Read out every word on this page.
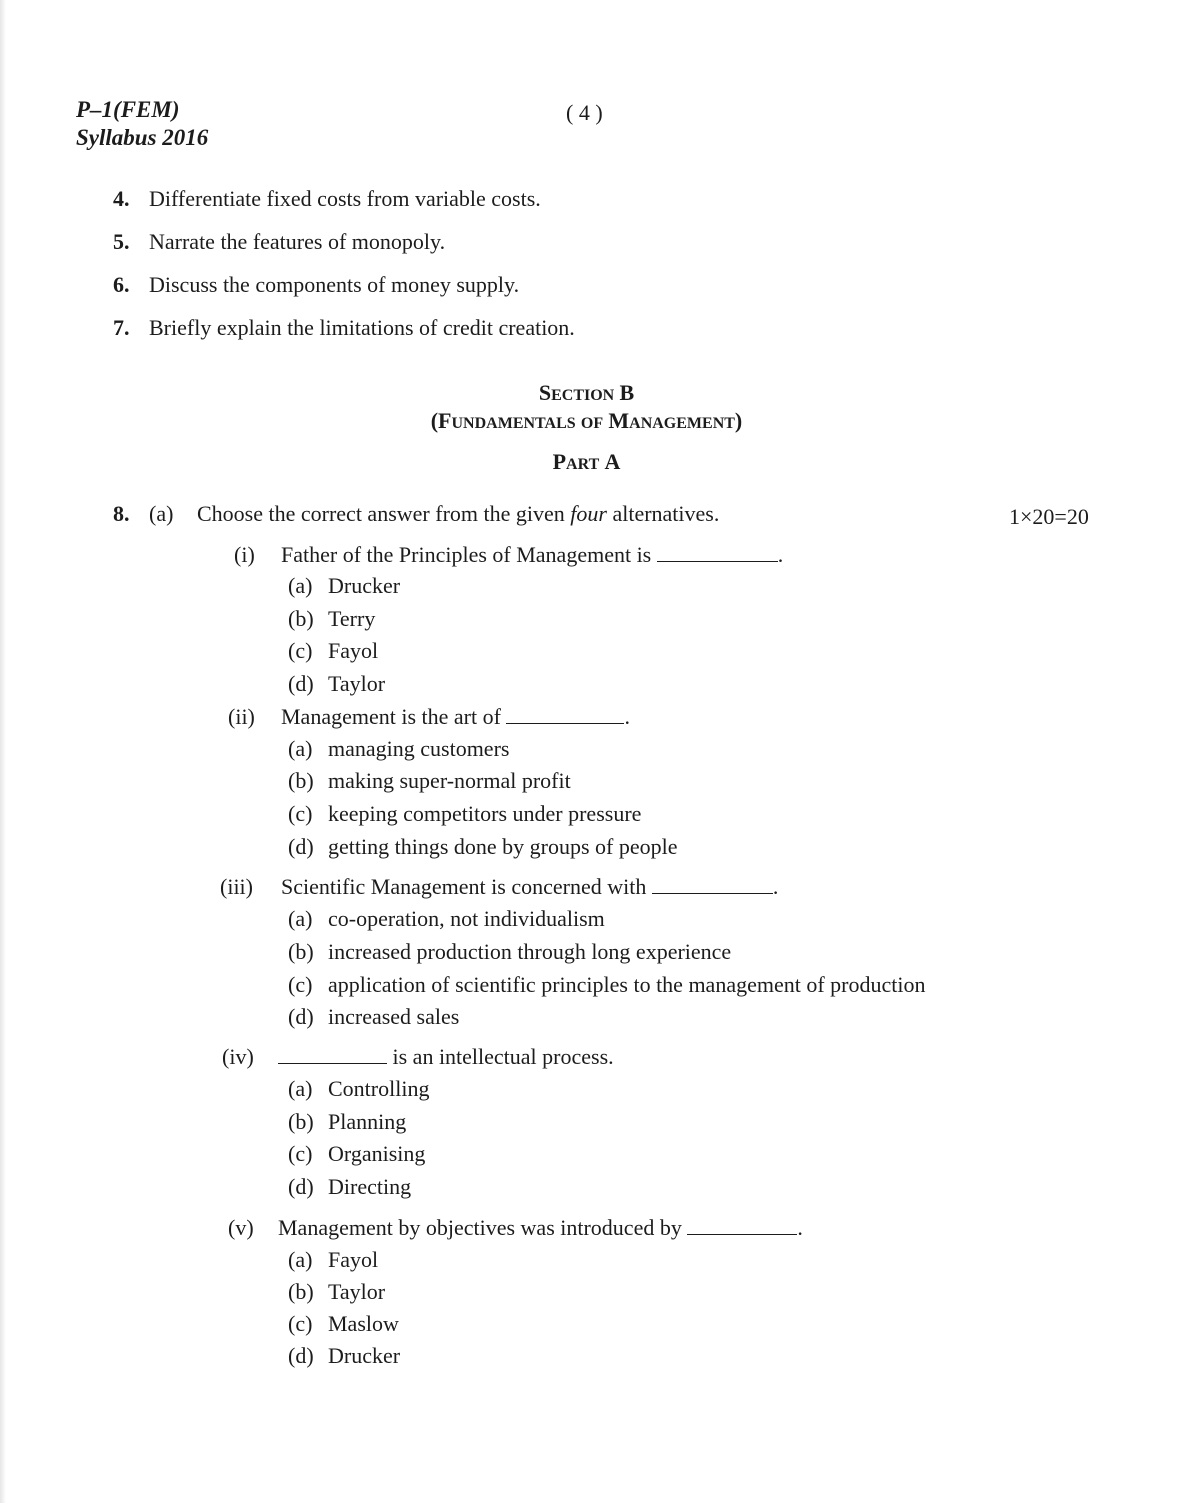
P–1(FEM)
Syllabus 2016
( 4 )
4. Differentiate fixed costs from variable costs.
5. Narrate the features of monopoly.
6. Discuss the components of money supply.
7. Briefly explain the limitations of credit creation.
SECTION B
(FUNDAMENTALS OF MANAGEMENT)
PART A
8. (a) Choose the correct answer from the given four alternatives.	1×20=20
(i) Father of the Principles of Management is	.
(a) Drucker
(b) Terry
(c) Fayol
(d) Taylor
(ii) Management is the art of	.
(a) managing customers
(b) making super-normal profit
(c) keeping competitors under pressure
(d) getting things done by groups of people
(iii) Scientific Management is concerned with	.
(a) co-operation, not individualism
(b) increased production through long experience
(c) application of scientific principles to the management of production
(d) increased sales
(iv)	is an intellectual process.
(a) Controlling
(b) Planning
(c) Organising
(d) Directing
(v) Management by objectives was introduced by	.
(a) Fayol
(b) Taylor
(c) Maslow
(d) Drucker
